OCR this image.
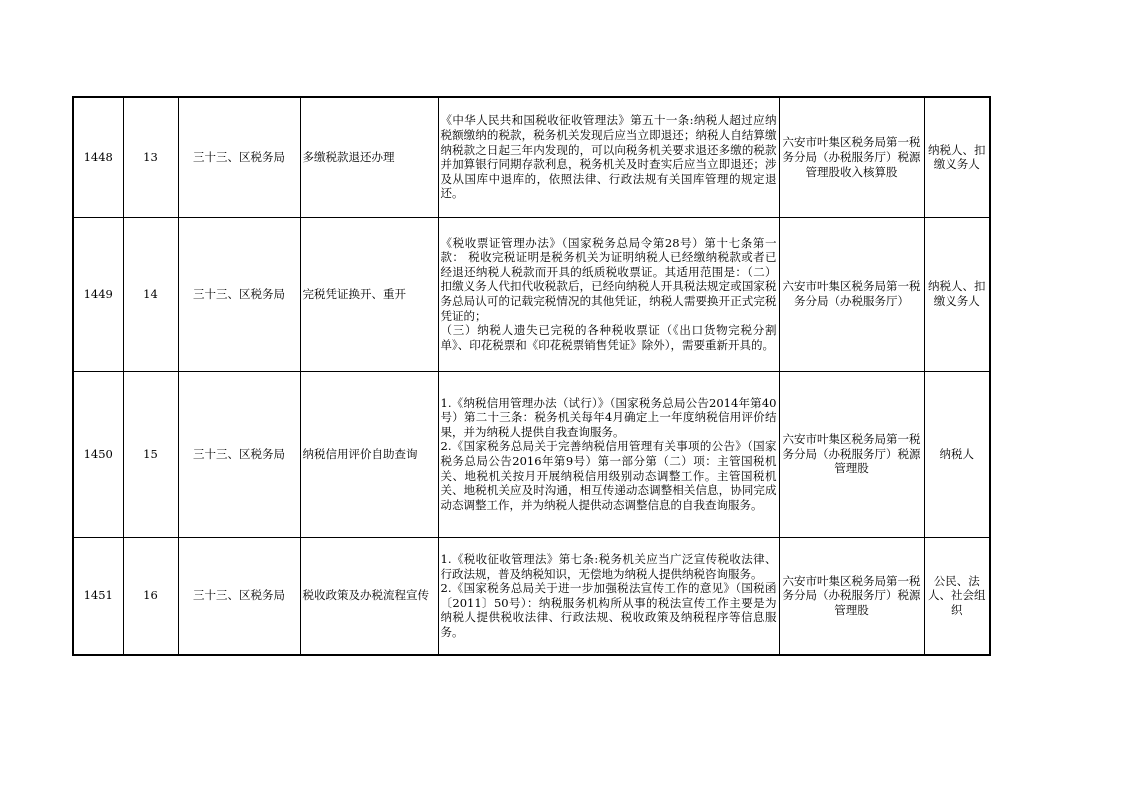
1448	13	三十三、区税务局	多缴税款退还办理	《中华人民共和国税收征收管理法》第五十一条:纳税人超过应纳税额缴纳的税款，税务机关发现后应当立即退还；纳税人自结算缴纳税款之日起三年内发现的，可以向税务机关要求退还多缴的税款并加算银行同期存款利息，税务机关及时查实后应当立即退还；涉及从国库中退库的，依照法律、行政法规有关国库管理的规定退还。	六安市叶集区税务局第一税务分局（办税服务厅）税源管理股收入核算股	纳税人、扣缴义务人
1449	14	三十三、区税务局	完税凭证换开、重开	《税收票证管理办法》（国家税务总局令第28号）第十七条第一款： 税收完税证明是税务机关为证明纳税人已经缴纳税款或者已经退还纳税人税款而开具的纸质税收票证。其适用范围是：（二）扣缴义务人代扣代收税款后，已经向纳税人开具税法规定或国家税务总局认可的记载完税情况的其他凭证，纳税人需要换开正式完税凭证的；
（三）纳税人遗失已完税的各种税收票证（《出口货物完税分割单》、印花税票和《印花税票销售凭证》除外），需要重新开具的。	六安市叶集区税务局第一税务分局（办税服务厅）	纳税人、扣缴义务人
1450	15	三十三、区税务局	纳税信用评价自助查询	1.《纳税信用管理办法（试行）》（国家税务总局公告2014年第40号）第二十三条：税务机关每年4月确定上一年度纳税信用评价结果，并为纳税人提供自我查询服务。
2.《国家税务总局关于完善纳税信用管理有关事项的公告》（国家税务总局公告2016年第9号）第一部分第（二）项：主管国税机关、地税机关按月开展纳税信用级别动态调整工作。主管国税机关、地税机关应及时沟通，相互传递动态调整相关信息，协同完成动态调整工作，并为纳税人提供动态调整信息的自我查询服务。	六安市叶集区税务局第一税务分局（办税服务厅）税源管理股	纳税人
1451	16	三十三、区税务局	税收政策及办税流程宣传	1.《税收征收管理法》第七条:税务机关应当广泛宣传税收法律、行政法规，普及纳税知识，无偿地为纳税人提供纳税咨询服务。
2.《国家税务总局关于进一步加强税法宣传工作的意见》（国税函〔2011〕50号）：纳税服务机构所从事的税法宣传工作主要是为纳税人提供税收法律、行政法规、税收政策及纳税程序等信息服务。	六安市叶集区税务局第一税务分局（办税服务厅）税源管理股	公民、法人、社会组织
